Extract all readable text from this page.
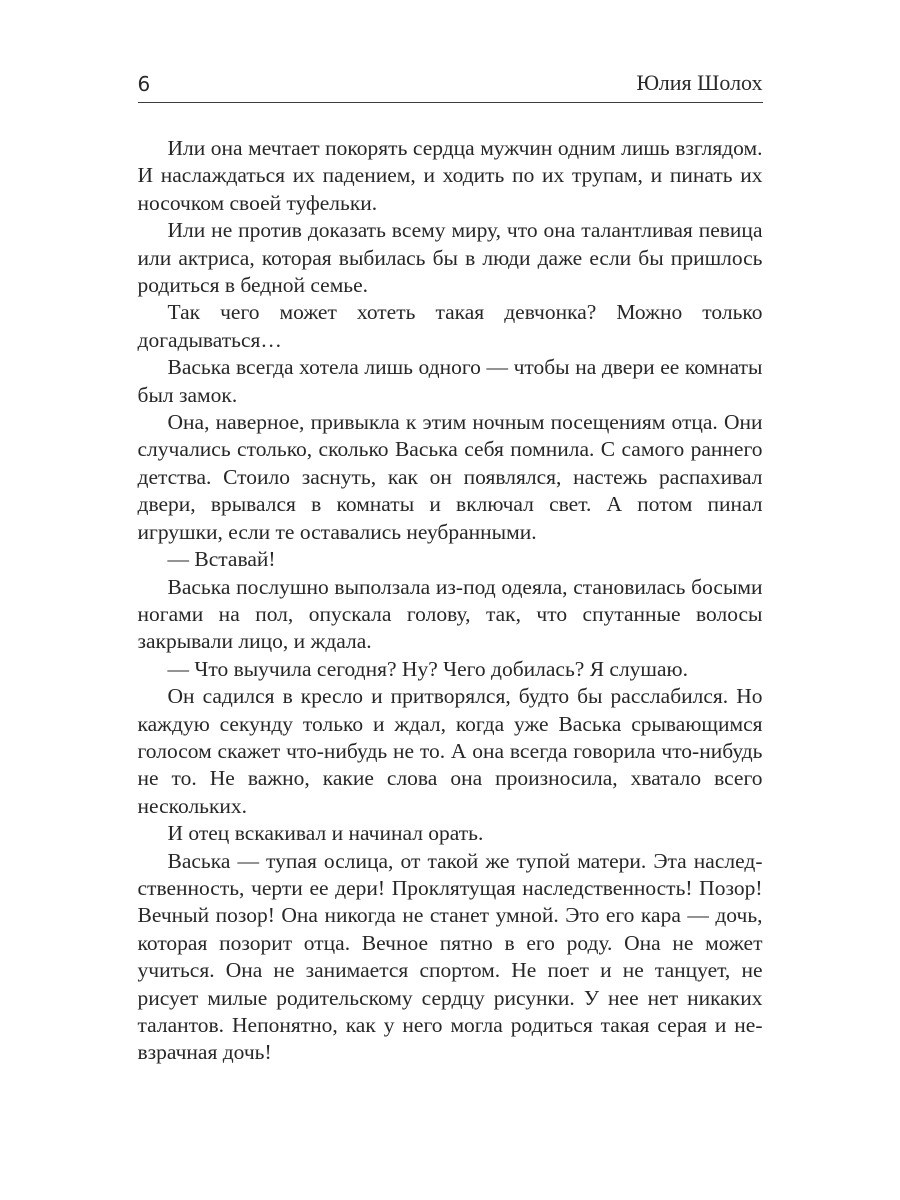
6	Юлия Шолох

Или она мечтает покорять сердца мужчин одним лишь взглядом. И наслаждаться их падением, и ходить по их трупам, и пинать их носочком своей туфельки.

Или не против доказать всему миру, что она талантливая певица или актриса, которая выбилась бы в люди даже если бы пришлось родиться в бедной семье.

Так чего может хотеть такая девчонка? Можно только догадываться…

Васька всегда хотела лишь одного — чтобы на двери ее комнаты был замок.

Она, наверное, привыкла к этим ночным посещениям отца. Они случались столько, сколько Васька себя помнила. С самого раннего детства. Стоило заснуть, как он появлялся, настежь распахивал двери, врывался в комнаты и включал свет. А потом пинал игрушки, если те оставались неубранными.

— Вставай!

Васька послушно выползала из-под одеяла, становилась босыми ногами на пол, опускала голову, так, что спутанные волосы закрывали лицо, и ждала.

— Что выучила сегодня? Ну? Чего добилась? Я слушаю.

Он садился в кресло и притворялся, будто бы расслабился. Но каждую секунду только и ждал, когда уже Васька срывающимся голосом скажет что-нибудь не то. А она всегда говорила что-нибудь не то. Не важно, какие слова она произносила, хватало всего нескольких.

И отец вскакивал и начинал орать.

Васька — тупая ослица, от такой же тупой матери. Эта наследственность, черти ее дери! Проклятущая наследственность! Позор! Вечный позор! Она никогда не станет умной. Это его кара — дочь, которая позорит отца. Вечное пятно в его роду. Она не может учиться. Она не занимается спортом. Не поет и не танцует, не рисует милые родительскому сердцу рисунки. У нее нет никаких талантов. Непонятно, как у него могла родиться такая серая и невзрачная дочь!
